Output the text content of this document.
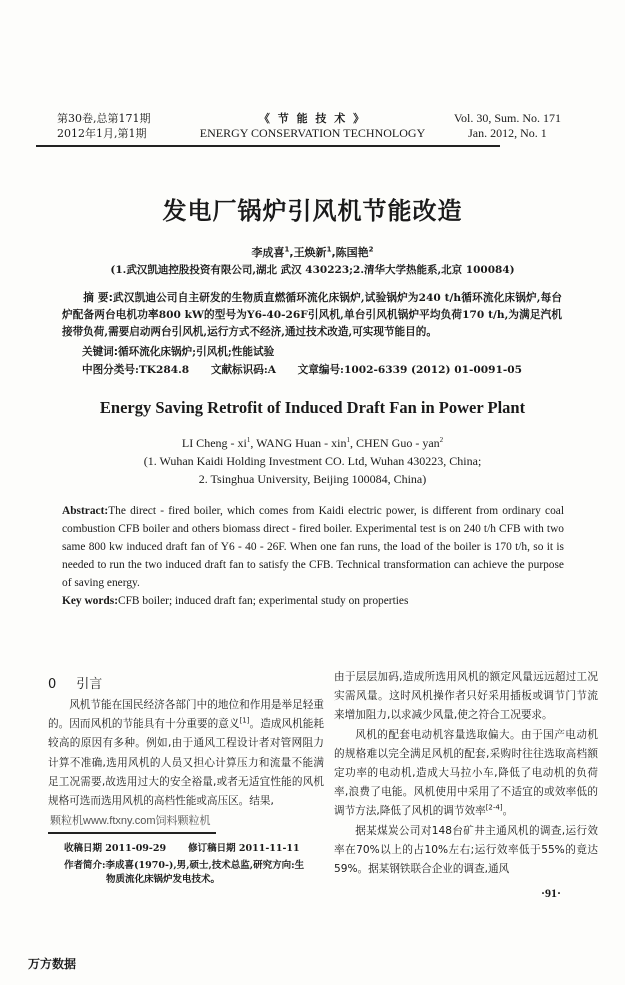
第30卷,总第171期
2012年1月,第1期
《 节 能 技 术 》
ENERGY CONSERVATION TECHNOLOGY
Vol. 30, Sum. No. 171
Jan. 2012, No. 1
发电厂锅炉引风机节能改造
李成喜$^1$,王焕新$^1$,陈国艳$^2$
(1.武汉凯迪控股投资有限公司,湖北 武汉 430223;2.清华大学热能系,北京 100084)
摘 要:武汉凯迪公司自主研发的生物质直燃循环流化床锅炉,试验锅炉为240 t/h循环流化床锅炉,每台炉配备两台电机功率800 kW的型号为Y6-40-26F引风机,单台引风机锅炉平均负荷170 t/h,为满足汽机接带负荷,需要启动两台引风机,运行方式不经济,通过技术改造,可实现节能目的。
关键词:循环流化床锅炉;引风机;性能试验
中图分类号:TK284.8 文献标识码:A 文章编号:1002-6339 (2012) 01-0091-05
Energy Saving Retrofit of Induced Draft Fan in Power Plant
LI Cheng - $xi^1$, WANG Huan - xin$^1$, CHEN Guo - yan$^2$
(1. Wuhan Kaidi Holding Investment CO. Ltd, Wuhan 430223, China;
2. Tsinghua University, Beijing 100084, China)
Abstract:The direct - fired boiler, which comes from Kaidi electric power, is different from ordinary coal combustion CFB boiler and others biomass direct - fired boiler. Experimental test is on 240 t/h CFB with two same 800 kw induced draft fan of Y6 - 40 - 26F. When one fan runs, the load of the boiler is 170 t/h, so it is needed to run the two induced draft fan to satisfy the CFB. Technical transformation can achieve the purpose of saving energy.
Key words:CFB boiler; induced draft fan; experimental study on properties
0 引言
风机节能在国民经济各部门中的地位和作用是举足轻重的。因而风机的节能具有十分重要的意义[1]。造成风机能耗较高的原因有多种。例如,由于通风工程设计者对管网阻力计算不准确,选用风机的人员又担心计算压力和流量不能满足工况需要,故选用过大的安全裕量,或者无适宜性能的风机规格可选而选用风机的高档性能或高压区。结果,
颗粒机www.ftxny.com饲料颗粒机
收稿日期 2011-09-29 修订稿日期 2011-11-11
作者简介:李成喜(1970-),男,硕士,技术总监,研究方向:生
物质流化床锅炉发电技术。
由于层层加码,造成所选用风机的额定风量远远超过工况实需风量。这时风机操作者只好采用插板或调节门节流来增加阻力,以求减少风量,使之符合工况要求。
风机的配套电动机容量选取偏大。由于国产电动机的规格难以完全满足风机的配套,采购时往往选取高档额定功率的电动机,造成大马拉小车,降低了电动机的负荷率,浪费了电能。风机使用中采用了不适宜的或效率低的调节方法,降低了风机的调节效率[2-4]。
据某煤炭公司对148台矿井主通风机的调查,运行效率在70%以上的占10%左右;运行效率低于55%的竟达59%。据某钢铁联合企业的调查,通风
·91·
万方数据
